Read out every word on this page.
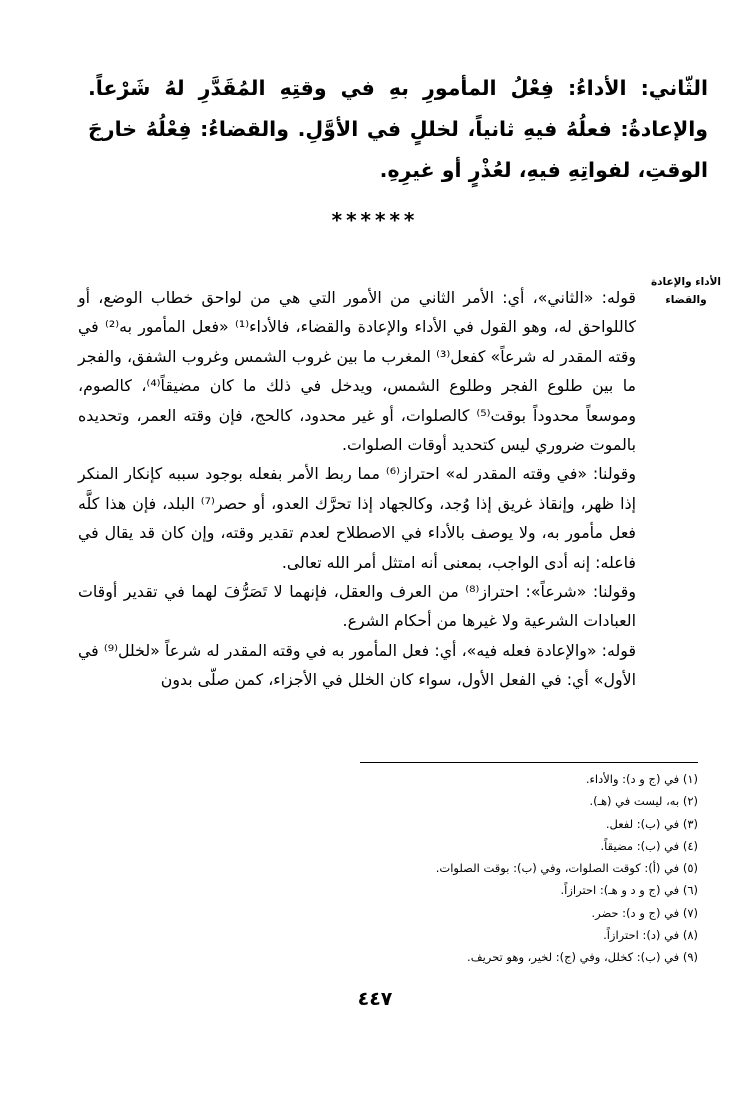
الثّاني: الأداءُ: فِعْلُ المأمورِ بهِ في وقتِهِ المُقَدَّرِ لهُ شَرْعاً. والإعادةُ: فعلُهُ فيهِ ثانياً، لخللٍ في الأوَّلِ. والقضاءُ: فِعْلُهُ خارجَ الوقتِ، لفواتِهِ فيهِ، لعُذْرٍ أو غيرِهِ.

******
الأداء والإعادة والقضاء

قوله: «الثاني»، أي: الأمر الثاني من الأمور التي هي من لواحق خطاب الوضع، أو كاللواحق له، وهو القول في الأداء والإعادة والقضاء، فالأداء⁽¹⁾ «فعل المأمور به⁽²⁾ في وقته المقدر له شرعاً» كفعل⁽³⁾ المغرب ما بين غروب الشمس وغروب الشفق، والفجر ما بين طلوع الفجر وطلوع الشمس، ويدخل في ذلك ما كان مضيقاً⁽⁴⁾، كالصوم، وموسعاً محدوداً بوقت⁽⁵⁾ كالصلوات، أو غير محدود، كالحج، فإن وقته العمر، وتحديده بالموت ضروري ليس كتحديد أوقات الصلوات.

وقولنا: «في وقته المقدر له» احتراز⁽⁶⁾ مما ربط الأمر بفعله بوجود سببه كإنكار المنكر إذا ظهر، وإنقاذ غريق إذا وُجد، وكالجهاد إذا تحرَّك العدو، أو حصر⁽⁷⁾ البلد، فإن هذا كلَّه فعل مأمور به، ولا يوصف بالأداء في الاصطلاح لعدم تقدير وقته، وإن كان قد يقال في فاعله: إنه أدى الواجب، بمعنى أنه امتثل أمر الله تعالى.

وقولنا: «شرعاً»: احتراز⁽⁸⁾ من العرف والعقل، فإنهما لا تَصَرُّفَ لهما في تقدير أوقات العبادات الشرعية ولا غيرها من أحكام الشرع.

قوله: «والإعادة فعله فيه»، أي: فعل المأمور به في وقته المقدر له شرعاً «لخلل⁽⁹⁾ في الأول» أي: في الفعل الأول، سواء كان الخلل في الأجزاء، كمن صلّى بدون

(١) في (ج و د): والأداء.
(٢) به، ليست في (هـ).
(٣) في (ب): لفعل.
(٤) في (ب): مضيقاً.
(٥) في (أ): كوقت الصلوات، وفي (ب): بوقت الصلوات.
(٦) في (ج و د و هـ): احترازاً.
(٧) في (ج و د): حضر.
(٨) في (د): احترازاً.
(٩) في (ب): كخلل، وفي (ج): لخير، وهو تحريف.
٤٤٧
